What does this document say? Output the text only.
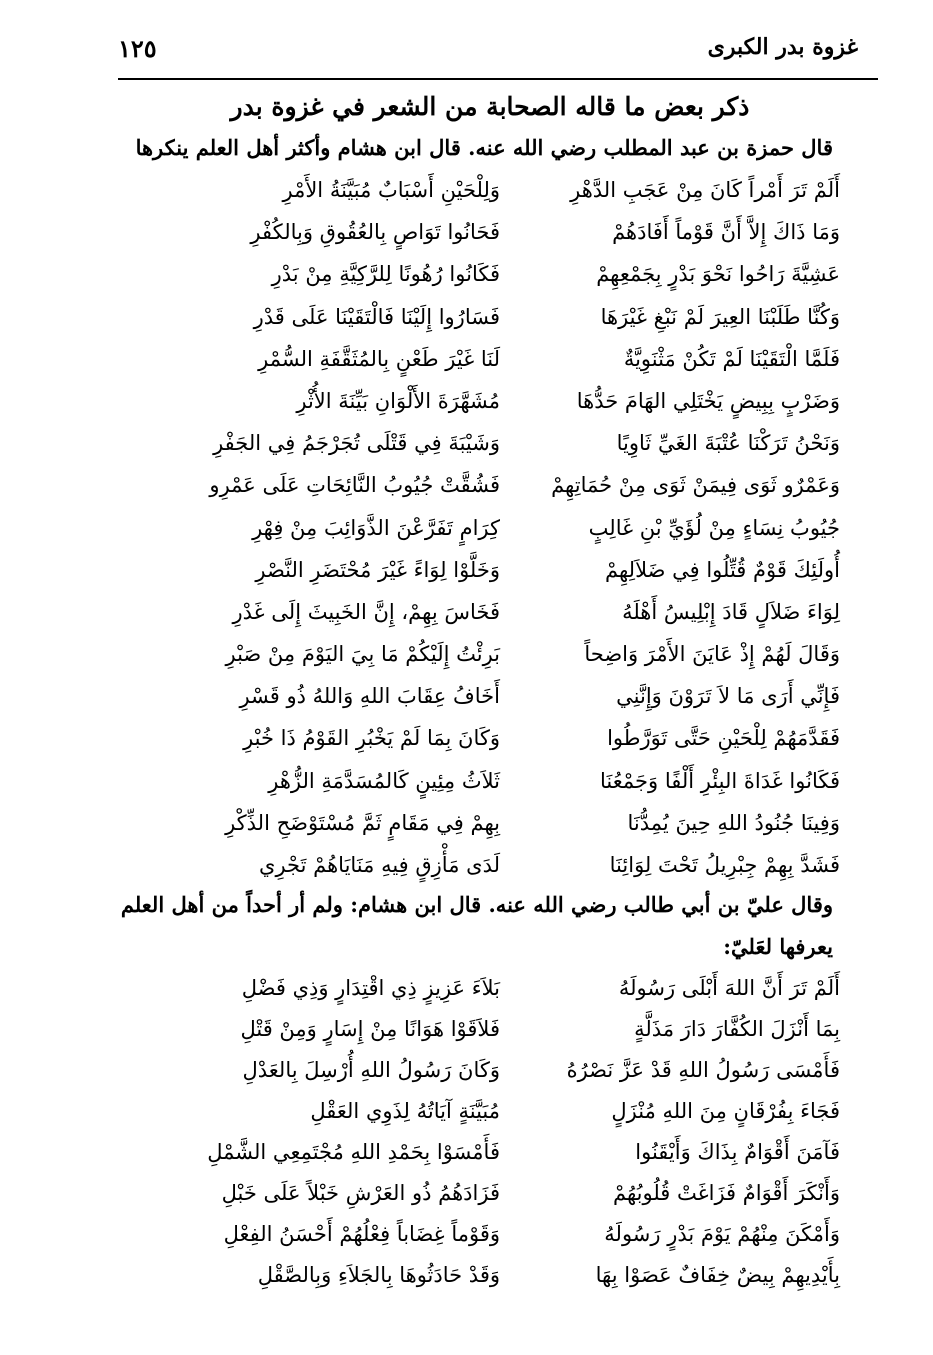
غزوة بدر الكبرى
١٢٥
ذكر بعض ما قاله الصحابة من الشعر في غزوة بدر
قال حمزة بن عبد المطلب رضي الله عنه. قال ابن هشام وأكثر أهل العلم ينكرها
أَلَمْ تَرَ أَمْراً كَانَ مِنْ عَجَبِ الدَّهْرِ
وَلِلْحَيْنِ أَسْبَابٌ مُبَيَّنَةُ الأَمْرِ
وَمَا ذَاكَ إِلاَّ أَنَّ قَوْماً أَفَادَهُمْ
فَحَانُوا تَوَاصٍ بِالعُقُوقِ وَبِالكُفْرِ
عَشِيَّةَ رَاحُوا نَحْوَ بَدْرٍ بِجَمْعِهِمْ
فَكَانُوا رُهُونًا لِلرَّكِيَّةِ مِنْ بَدْرِ
وَكُنَّا طَلَبْنَا العِيرَ لَمْ نَبْغِ غَيْرَهَا
فَسَارُوا إِلَيْنَا فَالْتَقَيْنَا عَلَى قَدْرِ
فَلَمَّا الْتَقَيْنَا لَمْ تَكُنْ مَثْنَوِيَّةٌ
لَنَا غَيْرَ طَعْنٍ بِالمُثَقَّفَةِ السُّمْرِ
وَضَرْبٍ بِبِيضٍ يَخْتَلِي الهَامَ حَدُّهَا
مُشَهَّرَةَ الأَلْوَانِ بَيِّنَةَ الأُثْرِ
وَنَحْنُ تَرَكْنَا عُتْبَةَ الغَيِّ ثَاوِيًا
وَشَيْبَةَ فِي قَتْلَى تُجَرْجَمُ فِي الجَفْرِ
وَعَمْرٌو ثَوَى فِيمَنْ ثَوَى مِنْ حُمَاتِهِمْ
فَشُقَّتْ جُيُوبُ النَّائِحَاتِ عَلَى عَمْرِو
جُيُوبُ نِسَاءٍ مِنْ لُؤَيِّ بْنِ غَالِبٍ
كِرَامٍ تَفَرَّعْنَ الذَّوَائِبَ مِنْ فِهْرِ
أُولَئِكَ قَوْمٌ قُتِّلُوا فِي ضَلاَلِهِمْ
وَخَلَّوْا لِوَاءً غَيْرَ مُحْتَضَرِ النَّصْرِ
لِوَاءَ ضَلاَلٍ قَادَ إِبْلِيسُ أَهْلَهُ
فَخَاسَ بِهِمْ، إِنَّ الخَبِيثَ إِلَى غَدْرِ
وَقَالَ لَهُمْ إِذْ عَايَنَ الأَمْرَ وَاضِحاً
بَرِئْتُ إِلَيْكُمْ مَا بِيَ اليَوْمَ مِنْ صَبْرِ
فَإِنِّي أَرَى مَا لاَ تَرَوْنَ وَإِنَّنِي
أَخَافُ عِقَابَ اللهِ وَاللهُ ذُو قَسْرِ
فَقَدَّمَهُمْ لِلْحَيْنِ حَتَّى تَوَرَّطُوا
وَكَانَ بِمَا لَمْ يَخْبُرِ القَوْمُ ذَا خُبْرِ
فَكَانُوا غَدَاةَ البِئْرِ أَلْفًا وَجَمْعُنَا
ثَلاَثُ مِئِينٍ كَالمُسَدَّمَةِ الزُّهْرِ
وَفِينَا جُنُودُ اللهِ حِينَ يُمِدُّنَا
بِهِمْ فِي مَقَامٍ ثَمَّ مُسْتَوْضَحِ الذِّكْرِ
فَشَدَّ بِهِمْ جِبْرِيلُ تَحْتَ لِوَائِنَا
لَدَى مَأْزِقٍ فِيهِ مَنَايَاهُمْ تَجْرِي
وقال عليّ بن أبي طالب رضي الله عنه. قال ابن هشام: ولم أر أحداً من أهل العلم
يعرفها لعَليّ:
أَلَمْ تَرَ أَنَّ اللهَ أَبْلَى رَسُولَهُ
بَلاَءَ عَزِيزٍ ذِي اقْتِدَارٍ وَذِي فَضْلِ
بِمَا أَنْزَلَ الكُفَّارَ دَارَ مَذَلَّةٍ
فَلاَقَوْا هَوَانًا مِنْ إِسَارٍ وَمِنْ قَتْلِ
فَأَمْسَى رَسُولُ اللهِ قَدْ عَزَّ نَصْرُهُ
وَكَانَ رَسُولُ اللهِ أُرْسِلَ بِالعَدْلِ
فَجَاءَ بِفُرْقَانٍ مِنَ اللهِ مُنْزَلٍ
مُبَيَّنَةٍ آيَاتُهُ لِذَوِي العَقْلِ
فَآمَنَ أَقْوَامٌ بِذَاكَ وَأَيْقَنُوا
فَأَمْسَوْا بِحَمْدِ اللهِ مُجْتَمِعِي الشَّمْلِ
وَأَنْكَرَ أَقْوَامٌ فَزَاغَتْ قُلُوبُهُمْ
فَزَادَهُمُ ذُو العَرْشِ خَبْلاً عَلَى خَبْلِ
وَأَمْكَنَ مِنْهُمْ يَوْمَ بَدْرٍ رَسُولَهُ
وَقَوْماً غِضَاباً فِعْلُهُمْ أَحْسَنُ الفِعْلِ
بِأَيْدِيهِمْ بِيضٌ خِفَافٌ عَصَوْا بِهَا
وَقَدْ حَادَثُوهَا بِالجَلاَءِ وَبِالصَّقْلِ
